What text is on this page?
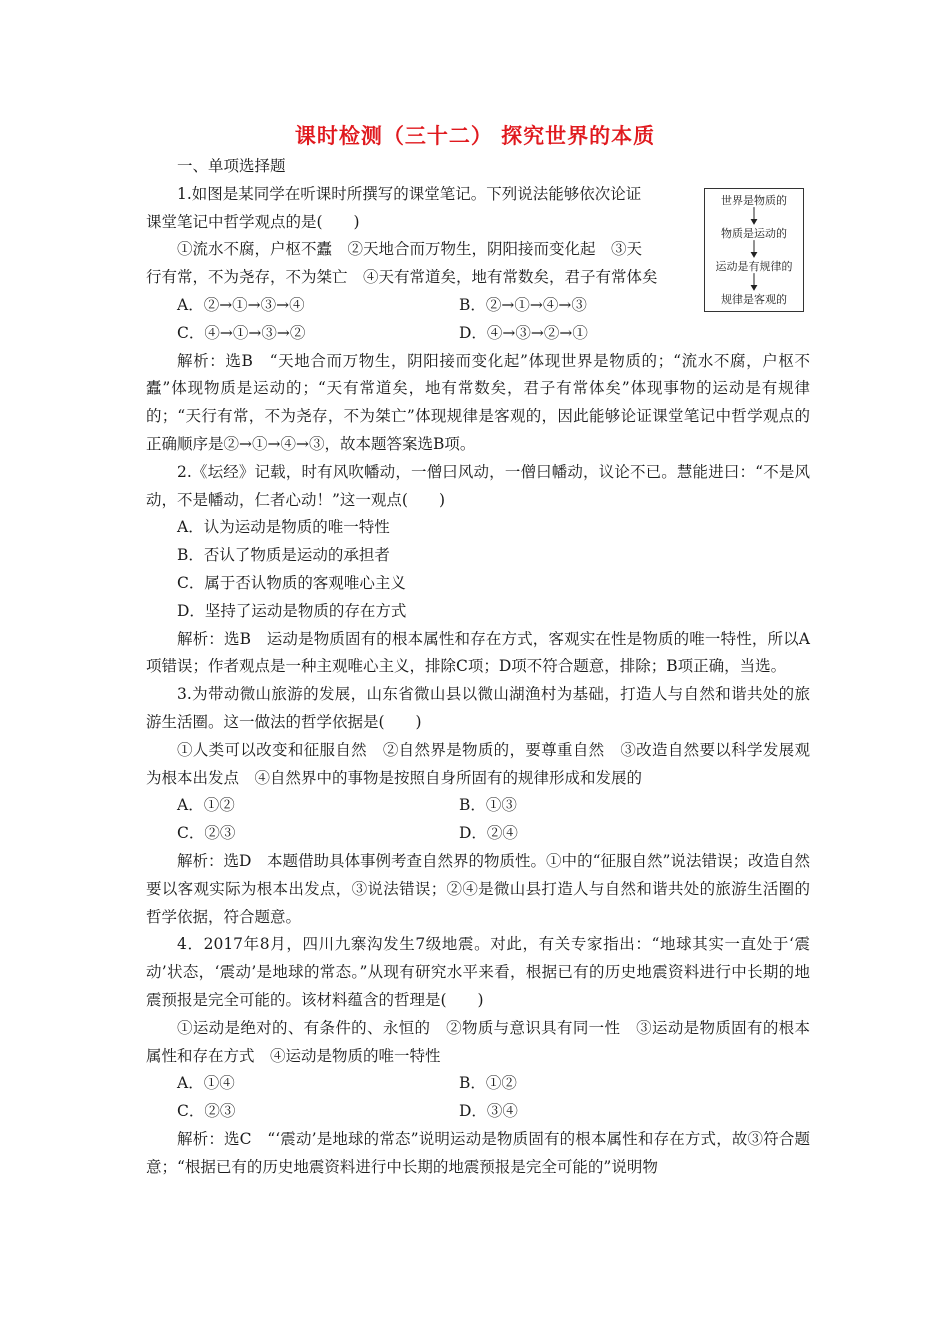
课时检测（三十二） 探究世界的本质
世界是物质的
物质是运动的
运动是有规律的
规律是客观的

一、单项选择题

1.如图是某同学在听课时所撰写的课堂笔记。下列说法能够依次论证

课堂笔记中哲学观点的是(　　)

①流水不腐，户枢不蠹　②天地合而万物生，阴阳接而变化起　③天

行有常，不为尧存，不为桀亡　④天有常道矣，地有常数矣，君子有常体矣

A．②→①→③→④	B．②→①→④→③
C．④→①→③→②	D．④→③→②→①

解析：选B　“天地合而万物生，阴阳接而变化起”体现世界是物质的；“流水不腐，户枢不蠹”体现物质是运动的；“天有常道矣，地有常数矣，君子有常体矣”体现事物的运动是有规律的；“天行有常，不为尧存，不为桀亡”体现规律是客观的，因此能够论证课堂笔记中哲学观点的正确顺序是②→①→④→③，故本题答案选B项。

2.《坛经》记载，时有风吹幡动，一僧曰风动，一僧曰幡动，议论不已。慧能进曰：“不是风动，不是幡动，仁者心动！”这一观点(　　)

A．认为运动是物质的唯一特性

B．否认了物质是运动的承担者

C．属于否认物质的客观唯心主义

D．坚持了运动是物质的存在方式

解析：选B　运动是物质固有的根本属性和存在方式，客观实在性是物质的唯一特性，所以A项错误；作者观点是一种主观唯心主义，排除C项；D项不符合题意，排除；B项正确，当选。

3.为带动微山旅游的发展，山东省微山县以微山湖渔村为基础，打造人与自然和谐共处的旅游生活圈。这一做法的哲学依据是(　　)

①人类可以改变和征服自然　②自然界是物质的，要尊重自然　③改造自然要以科学发展观为根本出发点　④自然界中的事物是按照自身所固有的规律形成和发展的

A．①②	B．①③
C．②③	D．②④

解析：选D　本题借助具体事例考查自然界的物质性。①中的“征服自然”说法错误；改造自然要以客观实际为根本出发点，③说法错误；②④是微山县打造人与自然和谐共处的旅游生活圈的哲学依据，符合题意。

4．2017年8月，四川九寨沟发生7级地震。对此，有关专家指出：“地球其实一直处于‘震动’状态，‘震动’是地球的常态。”从现有研究水平来看，根据已有的历史地震资料进行中长期的地震预报是完全可能的。该材料蕴含的哲理是(　　)

①运动是绝对的、有条件的、永恒的　②物质与意识具有同一性　③运动是物质固有的根本属性和存在方式　④运动是物质的唯一特性

A．①④	B．①②
C．②③	D．③④

解析：选C　“‘震动’是地球的常态”说明运动是物质固有的根本属性和存在方式，故③符合题意；“根据已有的历史地震资料进行中长期的地震预报是完全可能的”说明物
